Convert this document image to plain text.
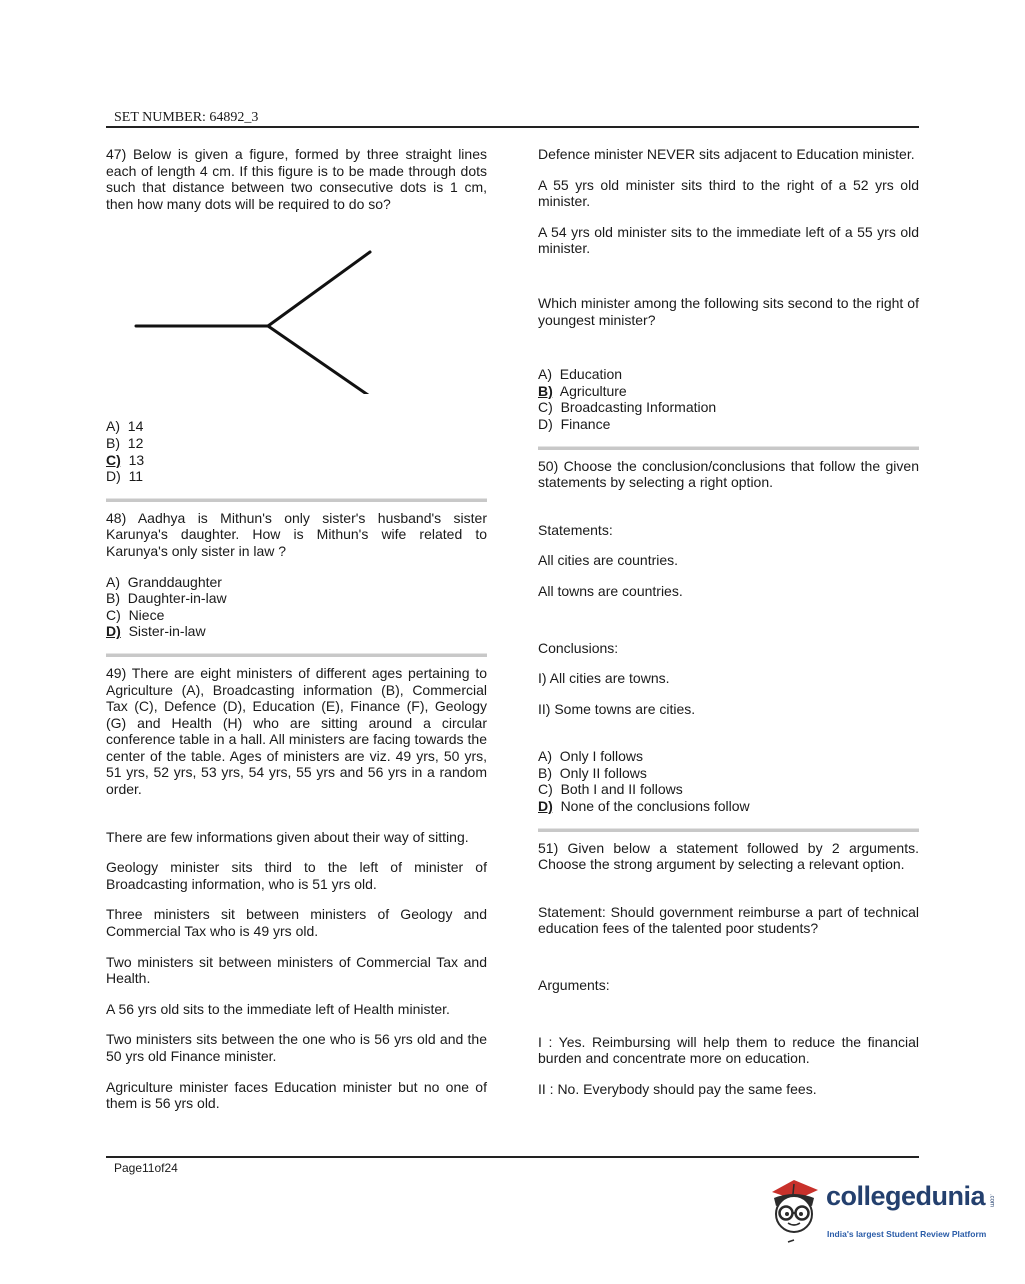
SET NUMBER: 64892_3

47) Below is given a figure, formed by three straight lines each of length 4 cm. If this figure is to be made through dots such that distance between two consecutive dots is 1 cm, then how many dots will be required to do so?

A) 14
B) 12
C) 13
D) 11

48) Aadhya is Mithun's only sister's husband's sister Karunya's daughter. How is Mithun's wife related to Karunya's only sister in law ?

A) Granddaughter
B) Daughter-in-law
C) Niece
D) Sister-in-law

49) There are eight ministers of different ages pertaining to Agriculture (A), Broadcasting information (B), Commercial Tax (C), Defence (D), Education (E), Finance (F), Geology (G) and Health (H) who are sitting around a circular conference table in a hall. All ministers are facing towards the center of the table. Ages of ministers are viz. 49 yrs, 50 yrs, 51 yrs, 52 yrs, 53 yrs, 54 yrs, 55 yrs and 56 yrs in a random order.

There are few informations given about their way of sitting.

Geology minister sits third to the left of minister of Broadcasting information, who is 51 yrs old.

Three ministers sit between ministers of Geology and Commercial Tax who is 49 yrs old.

Two ministers sit between ministers of Commercial Tax and Health.

A 56 yrs old sits to the immediate left of Health minister.

Two ministers sits between the one who is 56 yrs old and the 50 yrs old Finance minister.

Agriculture minister faces Education minister but no one of them is 56 yrs old.

Defence minister NEVER sits adjacent to Education minister.

A 55 yrs old minister sits third to the right of a 52 yrs old minister.

A 54 yrs old minister sits to the immediate left of a 55 yrs old minister.

Which minister among the following sits second to the right of youngest minister?

A) Education
B) Agriculture
C) Broadcasting Information
D) Finance

50) Choose the conclusion/conclusions that follow the given statements by selecting a right option.

Statements:

All cities are countries.

All towns are countries.

Conclusions:

I) All cities are towns.

II) Some towns are cities.

A) Only I follows
B) Only II follows
C) Both I and II follows
D) None of the conclusions follow

51) Given below a statement followed by 2 arguments. Choose the strong argument by selecting a relevant option.

Statement: Should government reimburse a part of technical education fees of the talented poor students?

Arguments:

I : Yes. Reimbursing will help them to reduce the financial burden and concentrate more on education.

II : No. Everybody should pay the same fees.

Page11of24
collegedunia .com
India's largest Student Review Platform
